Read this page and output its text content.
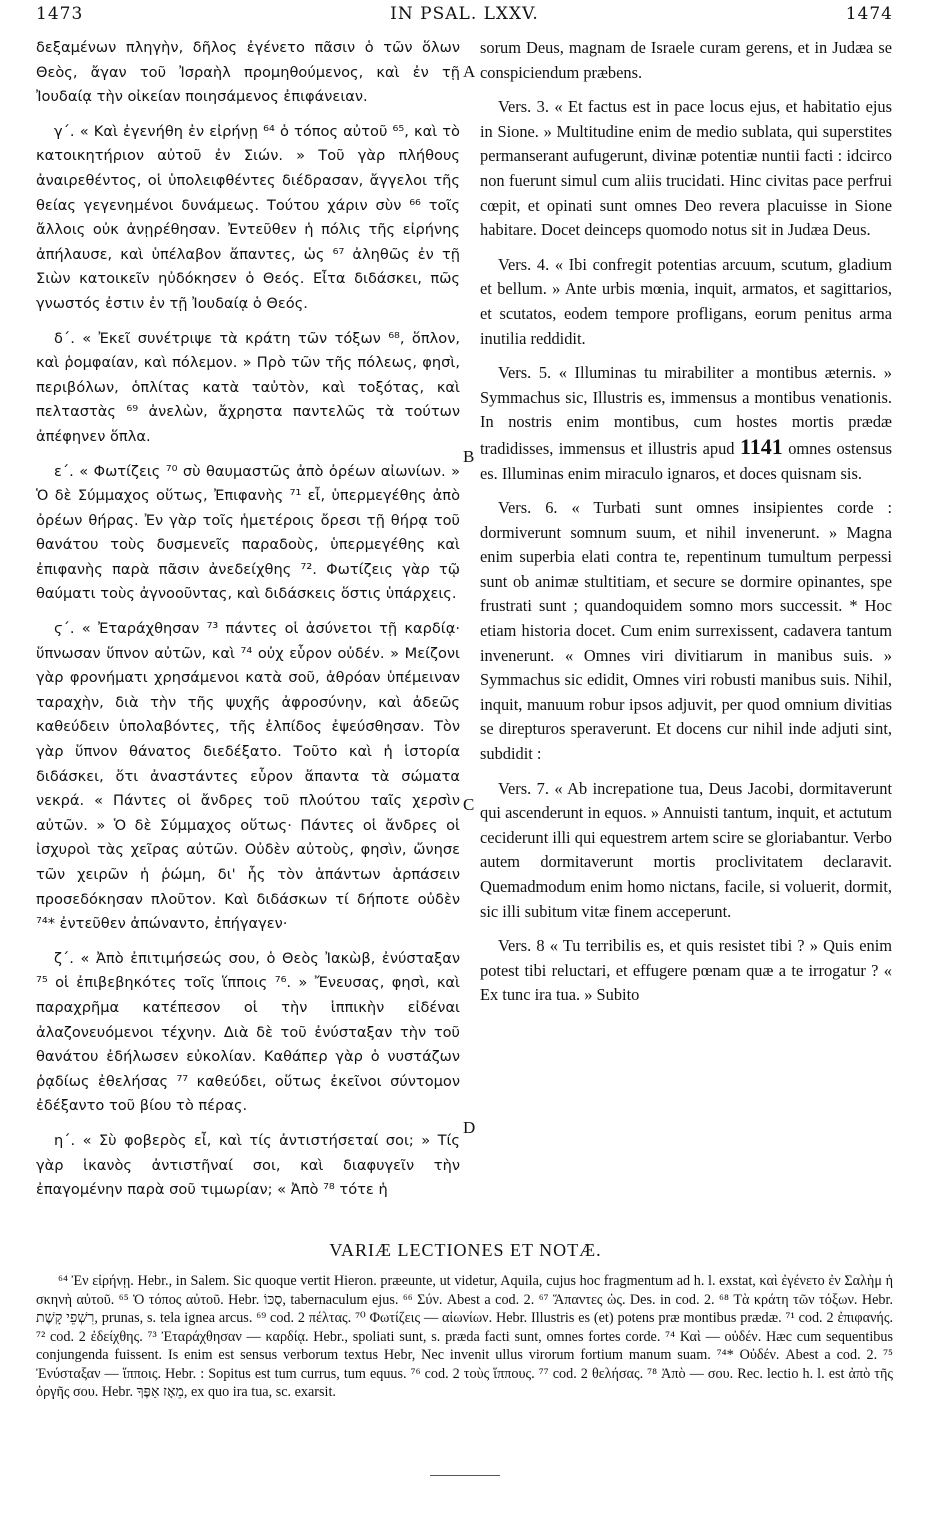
1473	IN PSAL. LXXV.	1474

δεξαμένων πληγὴν, δῆλος ἐγένετο πᾶσιν ὁ τῶν ὅλων Θεὸς, ἄγαν τοῦ Ἰσραὴλ προμηθούμενος, καὶ ἐν τῇ Ἰουδαίᾳ τὴν οἰκείαν ποιησάμενος ἐπιφάνειαν.

γ΄. « Καὶ ἐγενήθη ἐν εἰρήνῃ ⁶⁴ ὁ τόπος αὐτοῦ ⁶⁵, καὶ τὸ κατοικητήριον αὐτοῦ ἐν Σιών. » Τοῦ γὰρ πλήθους ἀναιρεθέντος, οἱ ὑπολειφθέντες διέδρασαν, ἄγγελοι τῆς θείας γεγενημένοι δυνάμεως. Τούτου χάριν σὺν ⁶⁶ τοῖς ἄλλοις οὐκ ἀνῃρέθησαν. Ἐντεῦθεν ἡ πόλις τῆς εἰρήνης ἀπήλαυσε, καὶ ὑπέλαβον ἅπαντες, ὡς ⁶⁷ ἀληθῶς ἐν τῇ Σιὼν κατοικεῖν ηὐδόκησεν ὁ Θεός. Εἶτα διδάσκει, πῶς γνωστός ἐστιν ἐν τῇ Ἰουδαίᾳ ὁ Θεός.

δ΄. « Ἐκεῖ συνέτριψε τὰ κράτη τῶν τόξων ⁶⁸, ὅπλον, καὶ ῥομφαίαν, καὶ πόλεμον. » Πρὸ τῶν τῆς πόλεως, φησὶ, περιβόλων, ὁπλίτας κατὰ ταὐτὸν, καὶ τοξότας, καὶ πελταστὰς ⁶⁹ ἀνελὼν, ἄχρηστα παντελῶς τὰ τούτων ἀπέφηνεν ὅπλα.

ε΄. « Φωτίζεις ⁷⁰ σὺ θαυμαστῶς ἀπὸ ὀρέων αἰωνίων. » Ὁ δὲ Σύμμαχος οὕτως, Ἐπιφανὴς ⁷¹ εἶ, ὑπερμεγέθης ἀπὸ ὀρέων θήρας. Ἐν γὰρ τοῖς ἡμετέροις ὄρεσι τῇ θήρᾳ τοῦ θανάτου τοὺς δυσμενεῖς παραδοὺς, ὑπερμεγέθης καὶ ἐπιφανὴς παρὰ πᾶσιν ἀνεδείχθης ⁷². Φωτίζεις γὰρ τῷ θαύματι τοὺς ἀγνοοῦντας, καὶ διδάσκεις ὅστις ὑπάρχεις.

ϛ΄. « Ἐταράχθησαν ⁷³ πάντες οἱ ἀσύνετοι τῇ καρδίᾳ· ὕπνωσαν ὕπνον αὐτῶν, καὶ ⁷⁴ οὐχ εὗρον οὐδέν. » Μείζονι γὰρ φρονήματι χρησάμενοι κατὰ σοῦ, ἀθρόαν ὑπέμειναν ταραχὴν, διὰ τὴν τῆς ψυχῆς ἀφροσύνην, καὶ ἀδεῶς καθεύδειν ὑπολαβόντες, τῆς ἐλπίδος ἐψεύσθησαν. Τὸν γὰρ ὕπνον θάνατος διεδέξατο. Τοῦτο καὶ ἡ ἱστορία διδάσκει, ὅτι ἀναστάντες εὗρον ἅπαντα τὰ σώματα νεκρά. « Πάντες οἱ ἄνδρες τοῦ πλούτου ταῖς χερσὶν αὐτῶν. » Ὁ δὲ Σύμμαχος οὕτως· Πάντες οἱ ἄνδρες οἱ ἰσχυροὶ τὰς χεῖρας αὐτῶν. Οὐδὲν αὐτοὺς, φησὶν, ὤνησε τῶν χειρῶν ἡ ῥώμη, δι' ἧς τὸν ἁπάντων ἁρπάσειν προσεδόκησαν πλοῦτον. Καὶ διδάσκων τί δήποτε οὐδὲν ⁷⁴* ἐντεῦθεν ἀπώναντο, ἐπήγαγεν·

ζ΄. « Ἀπὸ ἐπιτιμήσεώς σου, ὁ Θεὸς Ἰακὼβ, ἐνύσταξαν ⁷⁵ οἱ ἐπιβεβηκότες τοῖς ἵπποις ⁷⁶. » Ἔνευσας, φησὶ, καὶ παραχρῆμα κατέπεσον οἱ τὴν ἱππικὴν εἰδέναι ἀλαζονευόμενοι τέχνην. Διὰ δὲ τοῦ ἐνύσταξαν τὴν τοῦ θανάτου ἐδήλωσεν εὐκολίαν. Καθάπερ γὰρ ὁ νυστάζων ῥᾳδίως ἐθελήσας ⁷⁷ καθεύδει, οὕτως ἐκεῖνοι σύντομον ἐδέξαντο τοῦ βίου τὸ πέρας.

η΄. « Σὺ φοβερὸς εἶ, καὶ τίς ἀντιστήσεταί σοι; » Τίς γὰρ ἱκανὸς ἀντιστῆναί σοι, καὶ διαφυγεῖν τὴν ἐπαγομένην παρὰ σοῦ τιμωρίαν; « Ἀπὸ ⁷⁸ τότε ἡ

A
B
C
D

sorum Deus, magnam de Israele curam gerens, et in Judæa se conspiciendum præbens.

Vers. 3. « Et factus est in pace locus ejus, et habitatio ejus in Sione. » Multitudine enim de medio sublata, qui superstites permanserant aufugerunt, divinæ potentiæ nuntii facti : idcirco non fuerunt simul cum aliis trucidati. Hinc civitas pace perfrui cœpit, et opinati sunt omnes Deo revera placuisse in Sione habitare. Docet deinceps quomodo notus sit in Judæa Deus.

Vers. 4. « Ibi confregit potentias arcuum, scutum, gladium et bellum. » Ante urbis mœnia, inquit, armatos, et sagittarios, et scutatos, eodem tempore profligans, eorum penitus arma inutilia reddidit.

Vers. 5. « Illuminas tu mirabiliter a montibus æternis. » Symmachus sic, Illustris es, immensus a montibus venationis. In nostris enim montibus, cum hostes mortis prædæ tradidisses, immensus et illustris apud 1141 omnes ostensus es. Illuminas enim miraculo ignaros, et doces quisnam sis.

Vers. 6. « Turbati sunt omnes insipientes corde : dormiverunt somnum suum, et nihil invenerunt. » Magna enim superbia elati contra te, repentinum tumultum perpessi sunt ob animæ stultitiam, et secure se dormire opinantes, spe frustrati sunt ; quandoquidem somno mors successit. * Hoc etiam historia docet. Cum enim surrexissent, cadavera tantum invenerunt. « Omnes viri divitiarum in manibus suis. » Symmachus sic edidit, Omnes viri robusti manibus suis. Nihil, inquit, manuum robur ipsos adjuvit, per quod omnium divitias se direpturos speraverunt. Et docens cur nihil inde adjuti sint, subdidit :

Vers. 7. « Ab increpatione tua, Deus Jacobi, dormitaverunt qui ascenderunt in equos. » Annuisti tantum, inquit, et actutum ceciderunt illi qui equestrem artem scire se gloriabantur. Verbo autem dormitaverunt mortis proclivitatem declaravit. Quemadmodum enim homo nictans, facile, si voluerit, dormit, sic illi subitum vitæ finem acceperunt.

Vers. 8 « Tu terribilis es, et quis resistet tibi ? » Quis enim potest tibi reluctari, et effugere pœnam quæ a te irrogatur ? « Ex tunc ira tua. » Subito

VARIÆ LECTIONES ET NOTÆ.

⁶⁴ Ἐν εἰρήνῃ. Hebr., in Salem. Sic quoque vertit Hieron. præeunte, ut videtur, Aquila, cujus hoc fragmentum ad h. l. exstat, καὶ ἐγένετο ἐν Σαλὴμ ἡ σκηνὴ αὐτοῦ. ⁶⁵ Ὁ τόπος αὐτοῦ. Hebr. סֻכּוֹ, tabernaculum ejus. ⁶⁶ Σύν. Abest a cod. 2. ⁶⁷ Ἅπαντες ὡς. Des. in cod. 2. ⁶⁸ Τὰ κράτη τῶν τόξων. Hebr. רִשְׁפֵי קָשֶׁת, prunas, s. tela ignea arcus. ⁶⁹ cod. 2 πέλτας. ⁷⁰ Φωτίζεις — αἰωνίων. Hebr. Illustris es (et) potens præ montibus prædæ. ⁷¹ cod. 2 ἐπιφανής. ⁷² cod. 2 ἐδείχθης. ⁷³ Ἐταράχθησαν — καρδίᾳ. Hebr., spoliati sunt, s. præda facti sunt, omnes fortes corde. ⁷⁴ Καὶ — οὐδέν. Hæc cum sequentibus conjungenda fuissent. Is enim est sensus verborum textus Hebr, Nec invenit ullus virorum fortium manum suam. ⁷⁴* Οὐδέν. Abest a cod. 2. ⁷⁵ Ἐνύσταξαν — ἵπποις. Hebr. : Sopitus est tum currus, tum equus. ⁷⁶ cod. 2 τοὺς ἵππους. ⁷⁷ cod. 2 θελήσας. ⁷⁸ Ἀπὸ — σου. Rec. lectio h. l. est ἀπὸ τῆς ὀργῆς σου. Hebr. מֵאָז אַפֶּךָ, ex quo ira tua, sc. exarsit.
